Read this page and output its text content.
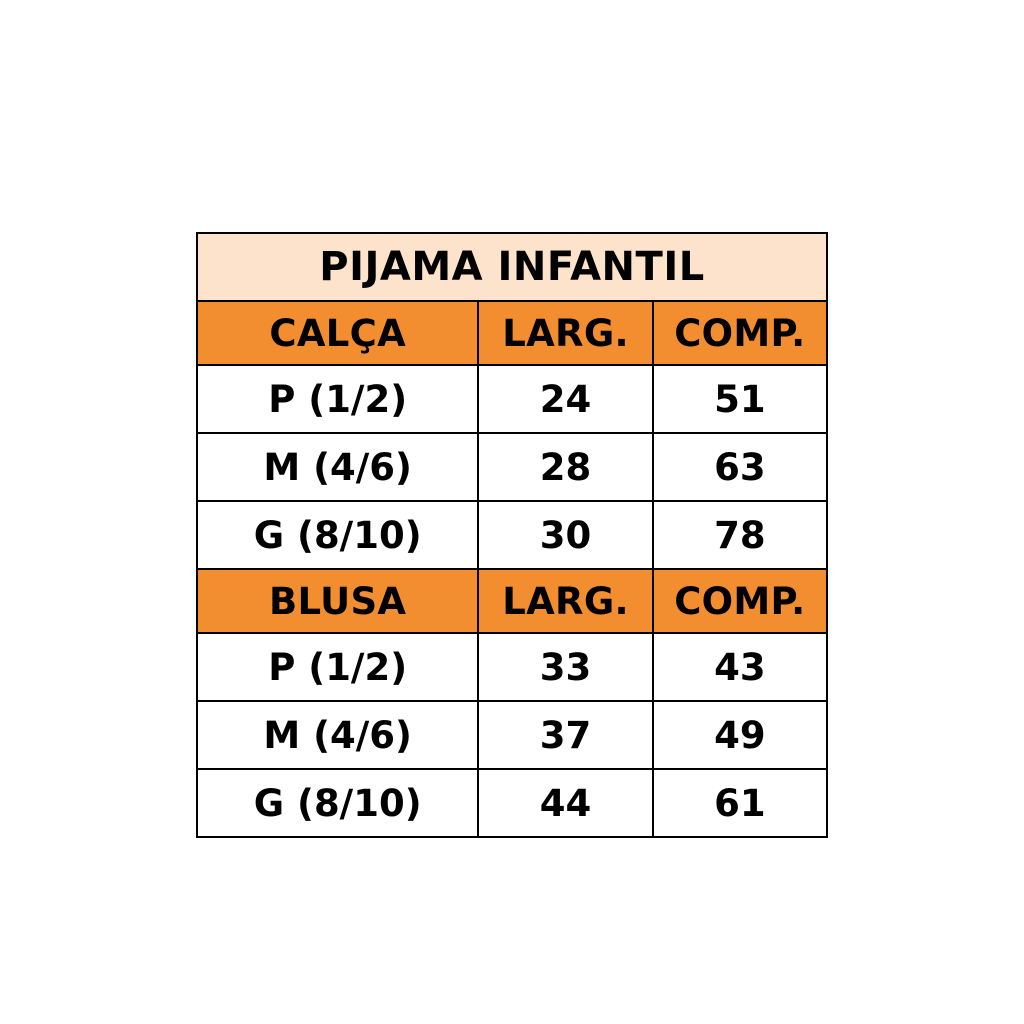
PIJAMA INFANTIL		
CALÇA	LARG.	COMP.
P (1/2)	24	51
M (4/6)	28	63
G (8/10)	30	78
BLUSA	LARG.	COMP.
P (1/2)	33	43
M (4/6)	37	49
G (8/10)	44	61
